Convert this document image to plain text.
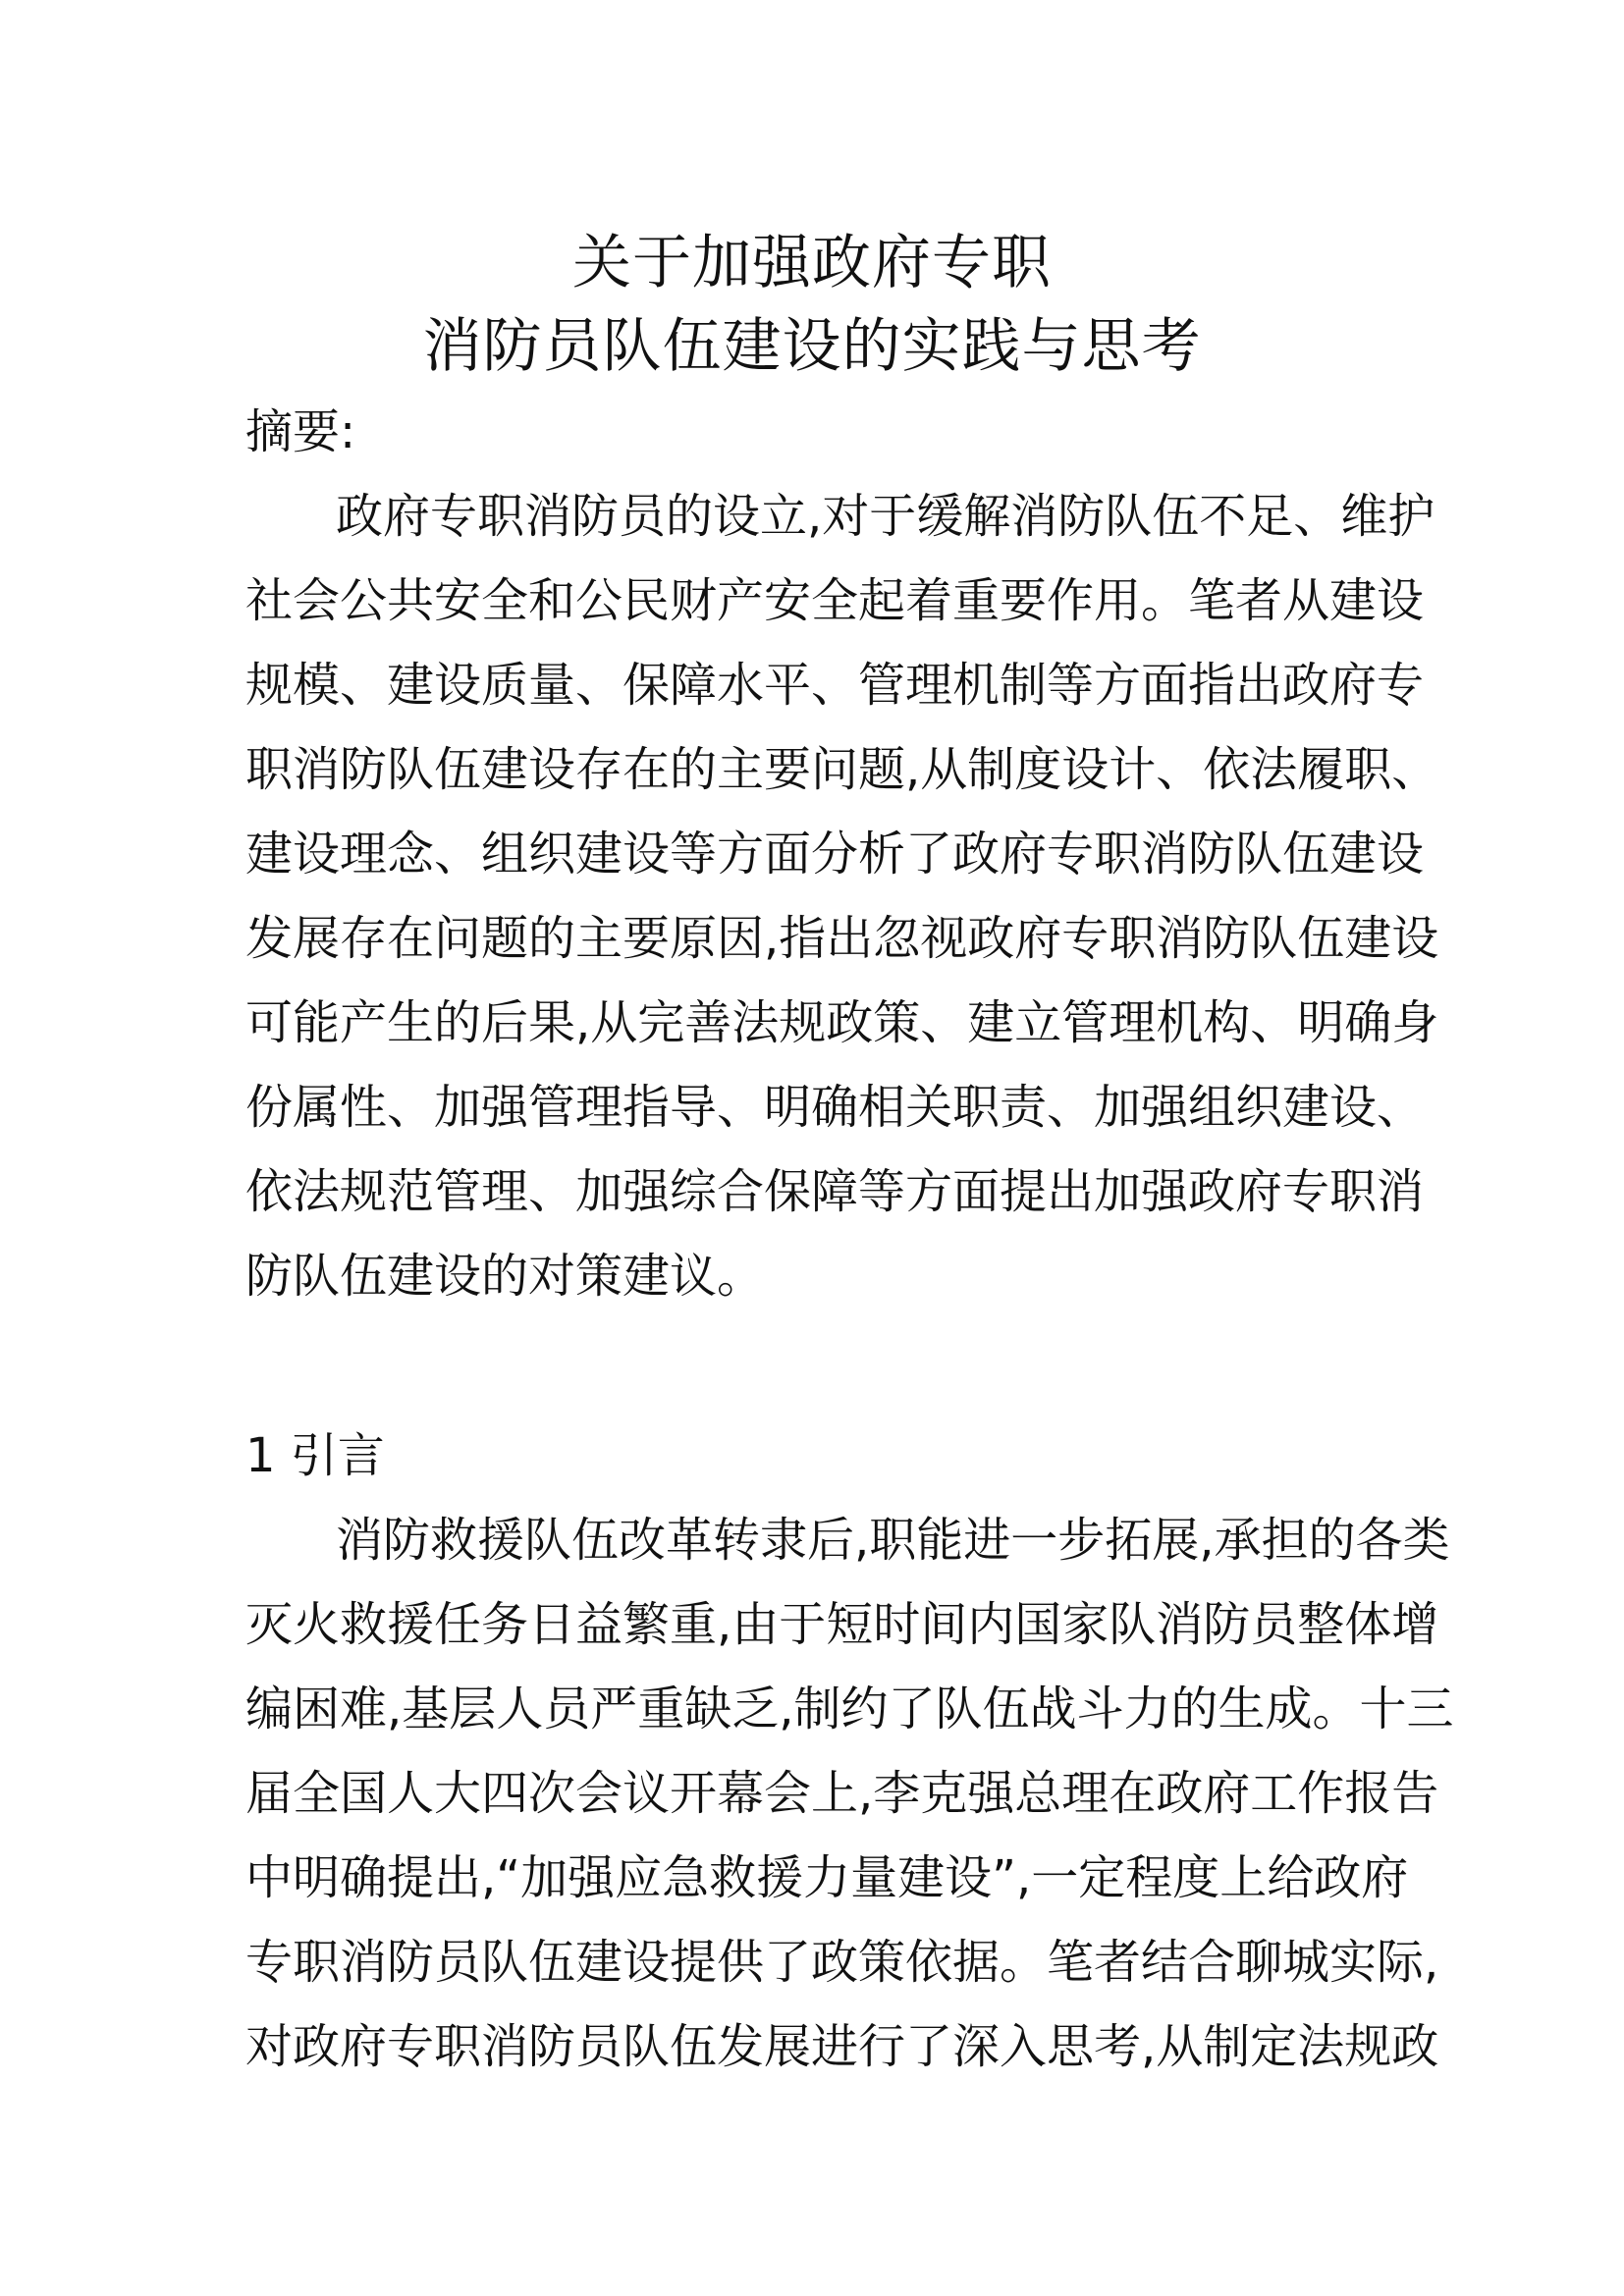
关于加强政府专职
消防员队伍建设的实践与思考
摘要:
政府专职消防员的设立,对于缓解消防队伍不足、维护
社会公共安全和公民财产安全起着重要作用。笔者从建设
规模、建设质量、保障水平、管理机制等方面指出政府专
职消防队伍建设存在的主要问题,从制度设计、依法履职、
建设理念、组织建设等方面分析了政府专职消防队伍建设
发展存在问题的主要原因,指出忽视政府专职消防队伍建设
可能产生的后果,从完善法规政策、建立管理机构、明确身
份属性、加强管理指导、明确相关职责、加强组织建设、
依法规范管理、加强综合保障等方面提出加强政府专职消
防队伍建设的对策建议。
1 引言
消防救援队伍改革转隶后,职能进一步拓展,承担的各类
灭火救援任务日益繁重,由于短时间内国家队消防员整体增
编困难,基层人员严重缺乏,制约了队伍战斗力的生成。十三
届全国人大四次会议开幕会上,李克强总理在政府工作报告
中明确提出,“加强应急救援力量建设”,一定程度上给政府
专职消防员队伍建设提供了政策依据。笔者结合聊城实际,
对政府专职消防员队伍发展进行了深入思考,从制定法规政
